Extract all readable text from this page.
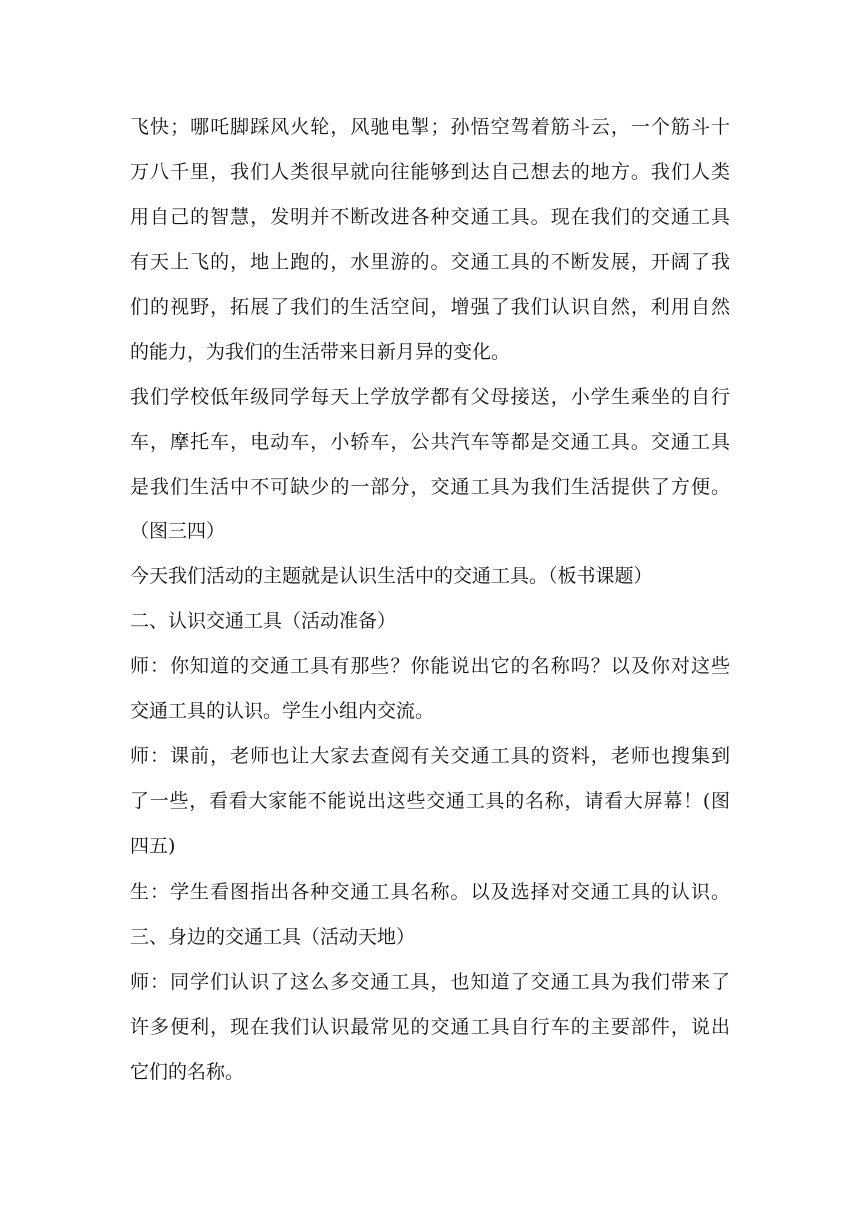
飞快；哪吒脚踩风火轮，风驰电掣；孙悟空驾着筋斗云，一个筋斗十
万八千里，我们人类很早就向往能够到达自己想去的地方。我们人类
用自己的智慧，发明并不断改进各种交通工具。现在我们的交通工具
有天上飞的，地上跑的，水里游的。交通工具的不断发展，开阔了我
们的视野，拓展了我们的生活空间，增强了我们认识自然，利用自然
的能力，为我们的生活带来日新月异的变化。
我们学校低年级同学每天上学放学都有父母接送，小学生乘坐的自行
车，摩托车，电动车，小轿车，公共汽车等都是交通工具。交通工具
是我们生活中不可缺少的一部分，交通工具为我们生活提供了方便。
（图三四）
今天我们活动的主题就是认识生活中的交通工具。（板书课题）
二、认识交通工具（活动准备）
师：你知道的交通工具有那些？你能说出它的名称吗？以及你对这些
交通工具的认识。学生小组内交流。
师：课前，老师也让大家去查阅有关交通工具的资料，老师也搜集到
了一些，看看大家能不能说出这些交通工具的名称，请看大屏幕！(图
四五)
生：学生看图指出各种交通工具名称。以及选择对交通工具的认识。
三、身边的交通工具（活动天地）
师：同学们认识了这么多交通工具，也知道了交通工具为我们带来了
许多便利，现在我们认识最常见的交通工具自行车的主要部件，说出
它们的名称。
